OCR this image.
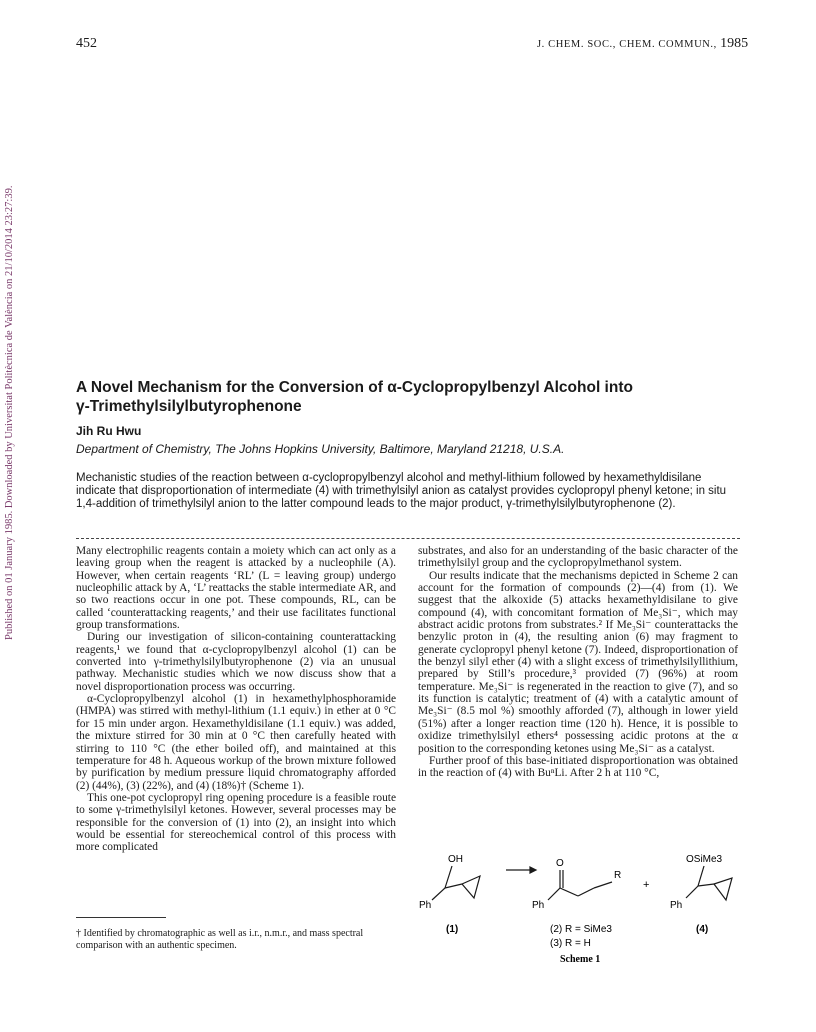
452	J. CHEM. SOC., CHEM. COMMUN., 1985
Published on 01 January 1985. Downloaded by Universitat Politècnica de València on 21/10/2014 23:27:39.	A Novel Mechanism for the Conversion of α-Cyclopropylbenzyl Alcohol into
γ-Trimethylsilylbutyrophenone
Jih Ru Hwu
Department of Chemistry, The Johns Hopkins University, Baltimore, Maryland 21218, U.S.A.
Mechanistic studies of the reaction between α-cyclopropylbenzyl alcohol and methyl-lithium followed by hexamethyldisilane indicate that disproportionation of intermediate (4) with trimethylsilyl anion as catalyst provides cyclopropyl phenyl ketone; in situ 1,4-addition of trimethylsilyl anion to the latter compound leads to the major product, γ-trimethylsilylbutyrophenone (2).

Many electrophilic reagents contain a moiety which can act only as a leaving group when the reagent is attacked by a nucleophile (A). However, when certain reagents ‘RL’ (L = leaving group) undergo nucleophilic attack by A, ‘L’ reattacks the stable intermediate AR, and so two reactions occur in one pot. These compounds, RL, can be called ‘counterattacking reagents,’ and their use facilitates functional group transformations.

During our investigation of silicon-containing counterattacking reagents,¹ we found that α-cyclopropylbenzyl alcohol (1) can be converted into γ-trimethylsilylbutyrophenone (2) via an unusual pathway. Mechanistic studies which we now discuss show that a novel disproportionation process was occurring.

α-Cyclopropylbenzyl alcohol (1) in hexamethylphosphoramide (HMPA) was stirred with methyl-lithium (1.1 equiv.) in ether at 0 °C for 15 min under argon. Hexamethyldisilane (1.1 equiv.) was added, the mixture stirred for 30 min at 0 °C then carefully heated with stirring to 110 °C (the ether boiled off), and maintained at this temperature for 48 h. Aqueous workup of the brown mixture followed by purification by medium pressure liquid chromatography afforded (2) (44%), (3) (22%), and (4) (18%)† (Scheme 1).

This one-pot cyclopropyl ring opening procedure is a feasible route to some γ-trimethylsilyl ketones. However, several processes may be responsible for the conversion of (1) into (2), an insight into which would be essential for stereochemical control of this process with more complicated

substrates, and also for an understanding of the basic character of the trimethylsilyl group and the cyclopropylmethanol system.

Our results indicate that the mechanisms depicted in Scheme 2 can account for the formation of compounds (2)—(4) from (1). We suggest that the alkoxide (5) attacks hexamethyldisilane to give compound (4), with concomitant formation of Me₃Si⁻, which may abstract acidic protons from substrates.² If Me₃Si⁻ counterattacks the benzylic proton in (4), the resulting anion (6) may fragment to generate cyclopropyl phenyl ketone (7). Indeed, disproportionation of the benzyl silyl ether (4) with a slight excess of trimethylsilyllithium, prepared by Still’s procedure,³ provided (7) (96%) at room temperature. Me₃Si⁻ is regenerated in the reaction to give (7), and so its function is catalytic; treatment of (4) with a catalytic amount of Me₃Si⁻ (8.5 mol %) smoothly afforded (7), although in lower yield (51%) after a longer reaction time (120 h). Hence, it is possible to oxidize trimethylsilyl ethers⁴ possessing acidic protons at the α position to the corresponding ketones using Me₃Si⁻ as a catalyst.

Further proof of this base-initiated disproportionation was obtained in the reaction of (4) with BuⁿLi. After 2 h at 110 °C,

† Identified by chromatographic as well as i.r., n.m.r., and mass spectral comparison with an authentic specimen.
OH
Ph
O
Ph
R
+
OSiMe3
Ph
(1)	(2) R = SiMe3
(3) R = H
(4)
Scheme 1
